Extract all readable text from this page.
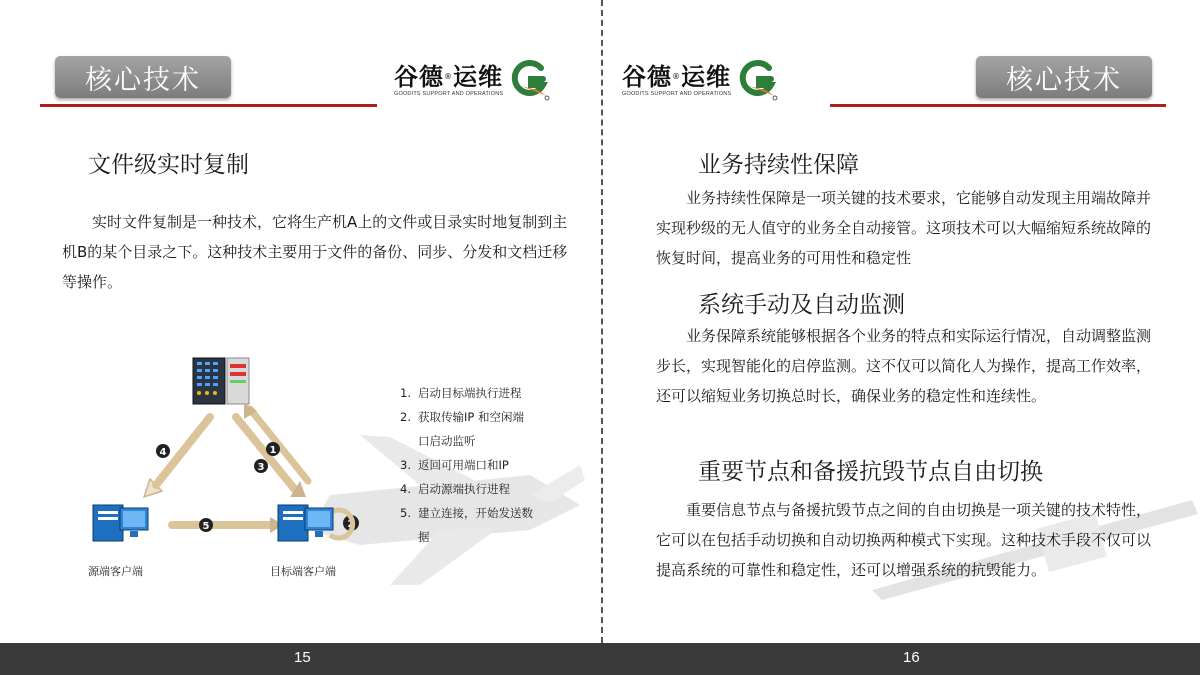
核心技术	谷德®运维
GOODITS SUPPORT AND OPERATIONS
文件级实时复制
实时文件复制是一种技术，它将生产机A上的文件或目录实时地复制到主机B的某个目录之下。这种技术主要用于文件的备份、同步、分发和文档迁移等操作。
4	1
3
5	2
源端客户端	目标端客户端
1. 启动目标端执行进程
2. 获取传输IP 和空闲端
口启动监听
3. 返回可用端口和IP
4. 启动源端执行进程
5. 建立连接，开始发送数
据
谷德®运维
GOODITS SUPPORT AND OPERATIONS	核心技术
业务持续性保障
业务持续性保障是一项关键的技术要求，它能够自动发现主用端故障并实现秒级的无人值守的业务全自动接管。这项技术可以大幅缩短系统故障的恢复时间，提高业务的可用性和稳定性
系统手动及自动监测
业务保障系统能够根据各个业务的特点和实际运行情况，自动调整监测步长，实现智能化的启停监测。这不仅可以简化人为操作，提高工作效率，还可以缩短业务切换总时长，确保业务的稳定性和连续性。
重要节点和备援抗毁节点自由切换
重要信息节点与备援抗毁节点之间的自由切换是一项关键的技术特性，它可以在包括手动切换和自动切换两种模式下实现。这种技术手段不仅可以提高系统的可靠性和稳定性，还可以增强系统的抗毁能力。
15	16
